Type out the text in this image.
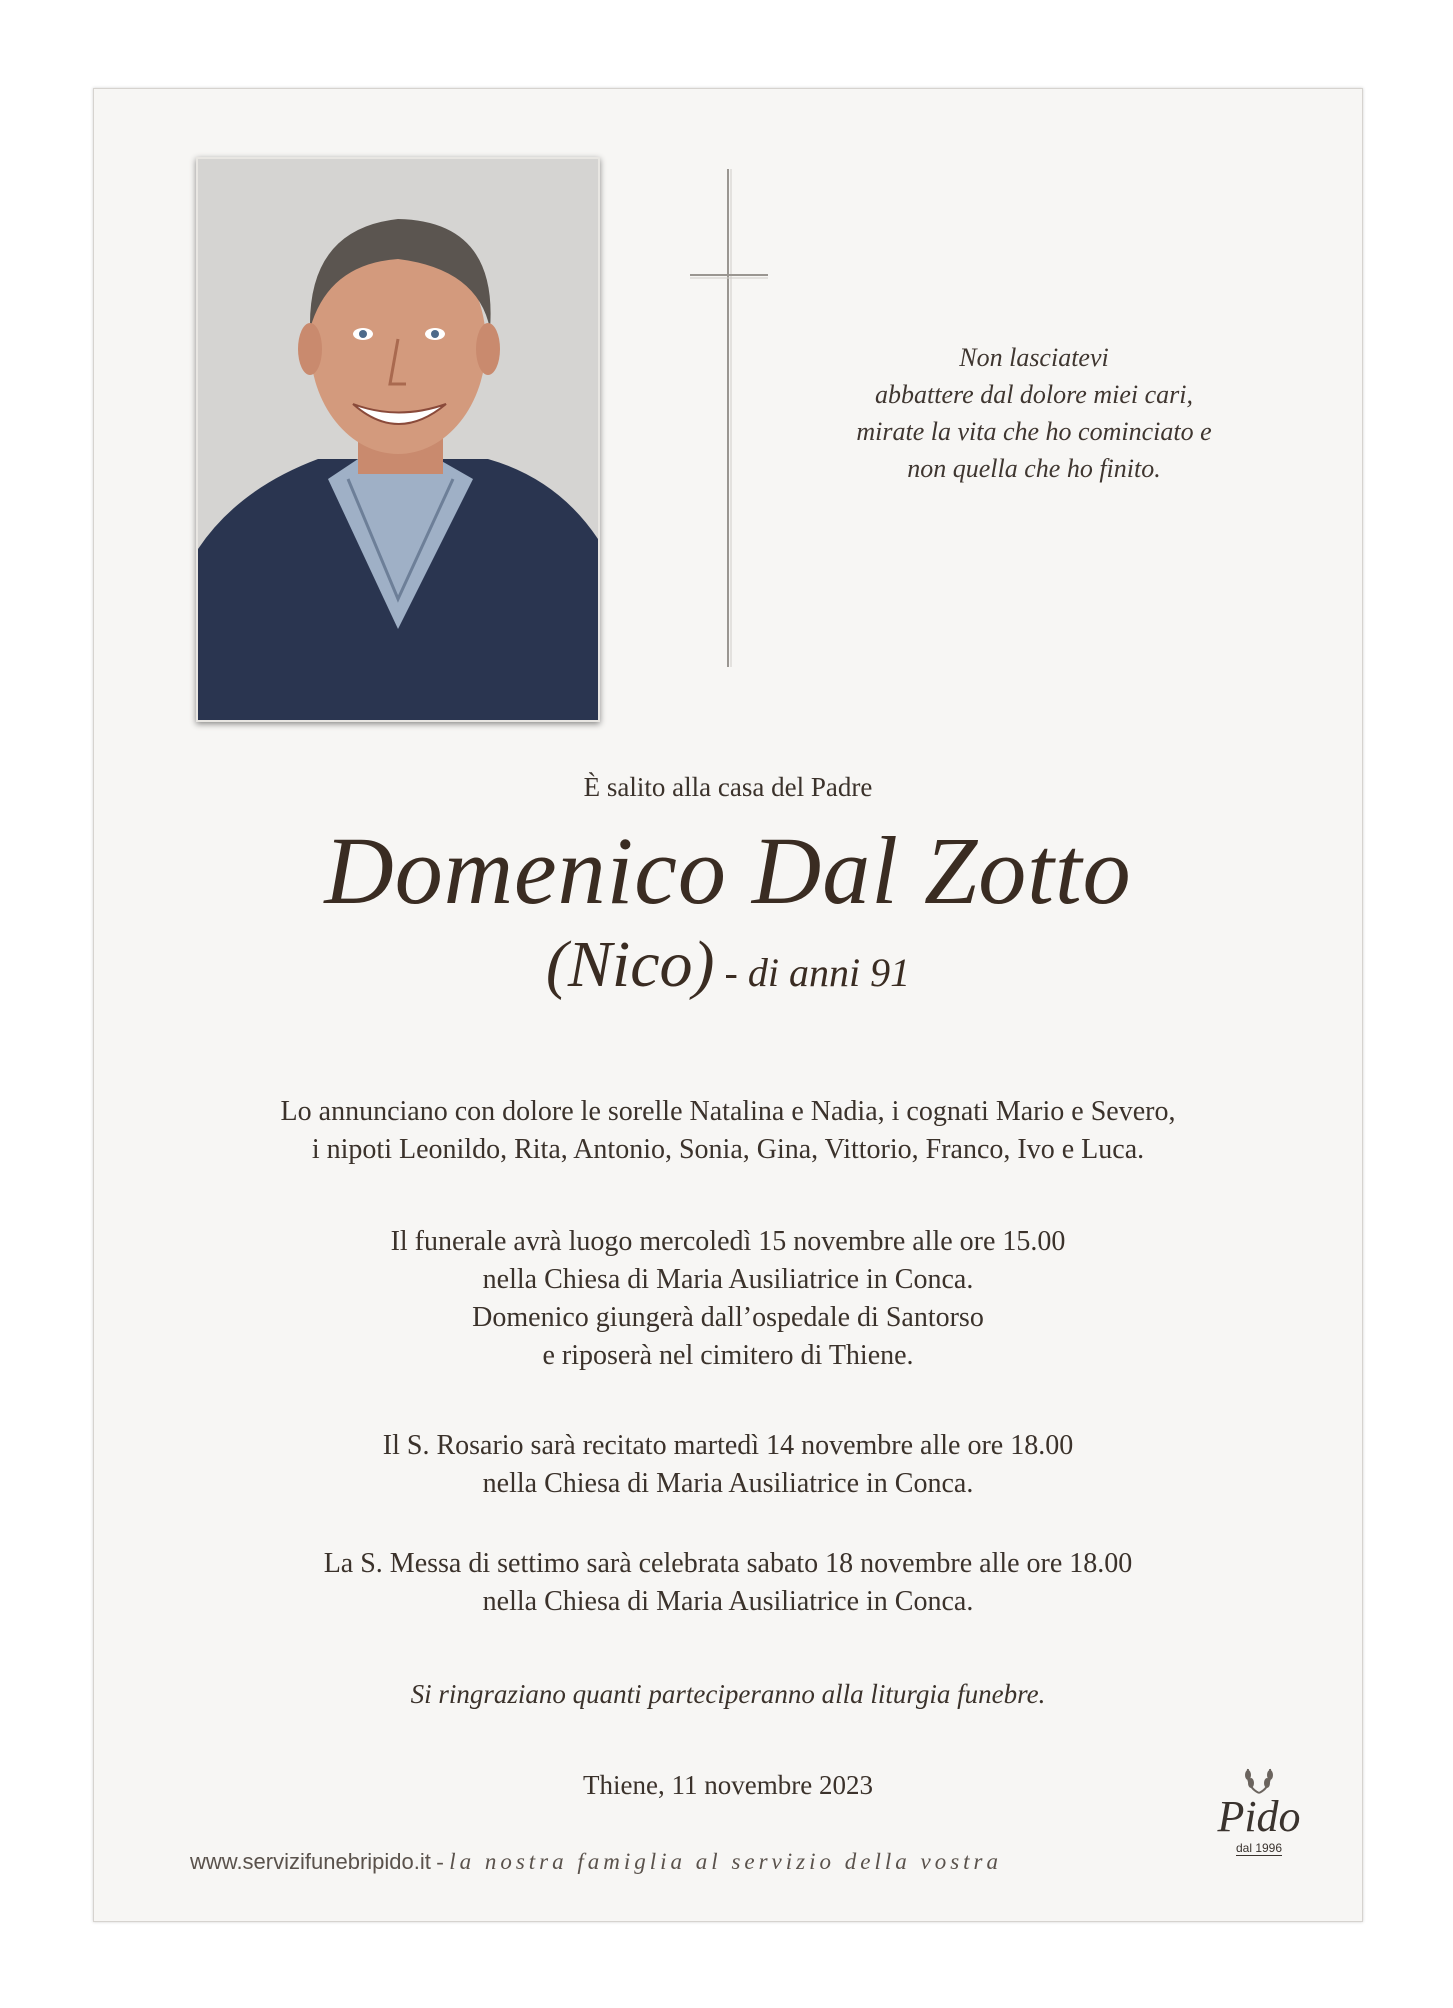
Non lasciatevi
abbattere dal dolore miei cari,
mirate la vita che ho cominciato e
non quella che ho finito.
È salito alla casa del Padre
Domenico Dal Zotto
(Nico) - di anni 91
Lo annunciano con dolore le sorelle Natalina e Nadia, i cognati Mario e Severo,
i nipoti Leonildo, Rita, Antonio, Sonia, Gina, Vittorio, Franco, Ivo e Luca.
Il funerale avrà luogo mercoledì 15 novembre alle ore 15.00
nella Chiesa di Maria Ausiliatrice in Conca.
Domenico giungerà dall’ospedale di Santorso
e riposerà nel cimitero di Thiene.
Il S. Rosario sarà recitato martedì 14 novembre alle ore 18.00
nella Chiesa di Maria Ausiliatrice in Conca.
La S. Messa di settimo sarà celebrata sabato 18 novembre alle ore 18.00
nella Chiesa di Maria Ausiliatrice in Conca.
Si ringraziano quanti parteciperanno alla liturgia funebre.
Thiene, 11 novembre 2023
www.servizifunebripido.it - la nostra famiglia al servizio della vostra
Pido
dal 1996
